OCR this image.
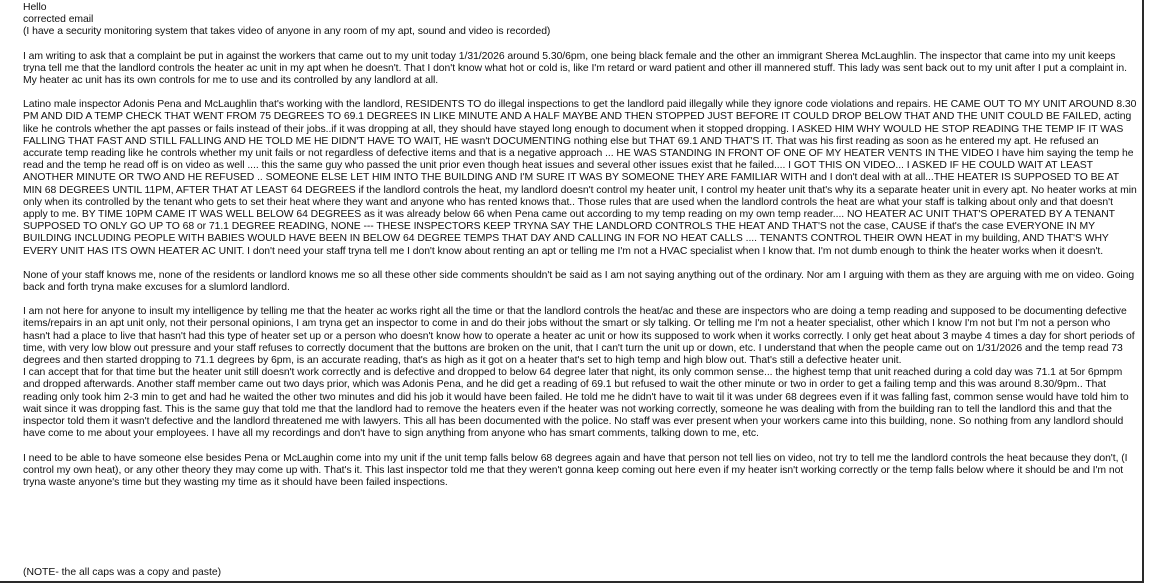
Hello
corrected email
(I have a security monitoring system that takes video of anyone in any room of my apt, sound and video is recorded)

I am writing to ask that a complaint be put in against the workers that came out to my unit today 1/31/2026 around 5.30/6pm, one being black female and the other an immigrant Sherea McLaughlin. The inspector that came into my unit keeps tryna tell me that the landlord controls the heater ac unit in my apt when he doesn't. That I don't know what hot or cold is, like I'm retard or ward patient and other ill mannered stuff. This lady was sent back out to my unit after I put a complaint in. My heater ac unit has its own controls for me to use and its controlled by any landlord at all.

Latino male inspector Adonis Pena and McLaughlin that's working with the landlord, RESIDENTS TO do illegal inspections to get the landlord paid illegally while they ignore code violations and repairs. HE CAME OUT TO MY UNIT AROUND 8.30 PM AND DID A TEMP CHECK THAT WENT FROM 75 DEGREES TO 69.1 DEGREES IN LIKE MINUTE AND A HALF MAYBE AND THEN STOPPED JUST BEFORE IT COULD DROP BELOW THAT AND THE UNIT COULD BE FAILED, acting like he controls whether the apt passes or fails instead of their jobs..if it was dropping at all, they should have stayed long enough to document when it stopped dropping. I ASKED HIM WHY WOULD HE STOP READING THE TEMP IF IT WAS FALLING THAT FAST AND STILL FALLING AND HE TOLD ME HE DIDN'T HAVE TO WAIT, HE wasn't DOCUMENTING nothing else but THAT 69.1 AND THAT'S IT. That was his first reading as soon as he entered my apt. He refused an accurate temp reading like he controls whether my unit fails or not regardless of defective items and that is a negative approach ... HE WAS STANDING IN FRONT OF ONE OF MY HEATER VENTS IN THE VIDEO I have him saying the temp he read and the temp he read off is on video as well .... this the same guy who passed the unit prior even though heat issues and several other issues exist that he failed.... I GOT THIS ON VIDEO... I ASKED IF HE COULD WAIT AT LEAST ANOTHER MINUTE OR TWO AND HE REFUSED .. SOMEONE ELSE LET HIM INTO THE BUILDING AND I'M SURE IT WAS BY SOMEONE THEY ARE FAMILIAR WITH and I don't deal with at all...THE HEATER IS SUPPOSED TO BE AT MIN 68 DEGREES UNTIL 11PM, AFTER THAT AT LEAST 64 DEGREES if the landlord controls the heat, my landlord doesn't control my heater unit, I control my heater unit that's why its a separate heater unit in every apt. No heater works at min only when its controlled by the tenant who gets to set their heat where they want and anyone who has rented knows that.. Those rules that are used when the landlord controls the heat are what your staff is talking about only and that doesn't apply to me. BY TIME 10PM CAME IT WAS WELL BELOW 64 DEGREES as it was already below 66 when Pena came out according to my temp reading on my own temp reader.... NO HEATER AC UNIT THAT'S OPERATED BY A TENANT SUPPOSED TO ONLY GO UP TO 68 or 71.1 DEGREE READING, NONE --- THESE INSPECTORS KEEP TRYNA SAY THE LANDLORD CONTROLS THE HEAT AND THAT'S not the case, CAUSE if that's the case EVERYONE IN MY BUILDING INCLUDING PEOPLE WITH BABIES WOULD HAVE BEEN IN BELOW 64 DEGREE TEMPS THAT DAY AND CALLING IN FOR NO HEAT CALLS .... TENANTS CONTROL THEIR OWN HEAT in my building, AND THAT'S WHY EVERY UNIT HAS ITS OWN HEATER AC UNIT. I don't need your staff tryna tell me I don't know about renting an apt or telling me I'm not a HVAC specialist when I know that. I'm not dumb enough to think the heater works when it doesn't.

None of your staff knows me, none of the residents or landlord knows me so all these other side comments shouldn't be said as I am not saying anything out of the ordinary. Nor am I arguing with them as they are arguing with me on video. Going back and forth tryna make excuses for a slumlord landlord.

I am not here for anyone to insult my intelligence by telling me that the heater ac works right all the time or that the landlord controls the heat/ac and these are inspectors who are doing a temp reading and supposed to be documenting defective items/repairs in an apt unit only, not their personal opinions, I am tryna get an inspector to come in and do their jobs without the smart or sly talking. Or telling me I'm not a heater specialist, other which I know I'm not but I'm not a person who hasn't had a place to live that hasn't had this type of heater set up or a person who doesn't know how to operate a heater ac unit or how its supposed to work when it works correctly. I only get heat about 3 maybe 4 times a day for short periods of time, with very low blow out pressure and your staff refuses to correctly document that the buttons are broken on the unit, that I can't turn the unit up or down, etc. I understand that when the people came out on 1/31/2026 and the temp read 73 degrees and then started dropping to 71.1 degrees by 6pm, is an accurate reading, that's as high as it got on a heater that's set to high temp and high blow out. That's still a defective heater unit.

I can accept that for that time but the heater unit still doesn't work correctly and is defective and dropped to below 64 degree later that night, its only common sense... the highest temp that unit reached during a cold day was 71.1 at 5or 6pmpm and dropped afterwards. Another staff member came out two days prior, which was Adonis Pena, and he did get a reading of 69.1 but refused to wait the other minute or two in order to get a failing temp and this was around 8.30/9pm.. That reading only took him 2-3 min to get and had he waited the other two minutes and did his job it would have been failed. He told me he didn't have to wait til it was under 68 degrees even if it was falling fast, common sense would have told him to wait since it was dropping fast. This is the same guy that told me that the landlord had to remove the heaters even if the heater was not working correctly, someone he was dealing with from the building ran to tell the landlord this and that the inspector told them it wasn't defective and the landlord threatened me with lawyers. This all has been documented with the police. No staff was ever present when your workers came into this building, none. So nothing from any landlord should have come to me about your employees. I have all my recordings and don't have to sign anything from anyone who has smart comments, talking down to me, etc.

I need to be able to have someone else besides Pena or McLaughin come into my unit if the unit temp falls below 68 degrees again and have that person not tell lies on video, not try to tell me the landlord controls the heat because they don't, (I control my own heat), or any other theory they may come up with. That's it. This last inspector told me that they weren't gonna keep coming out here even if my heater isn't working correctly or the temp falls below where it should be and I'm not tryna waste anyone's time but they wasting my time as it should have been failed inspections.

(NOTE- the all caps was a copy and paste)
